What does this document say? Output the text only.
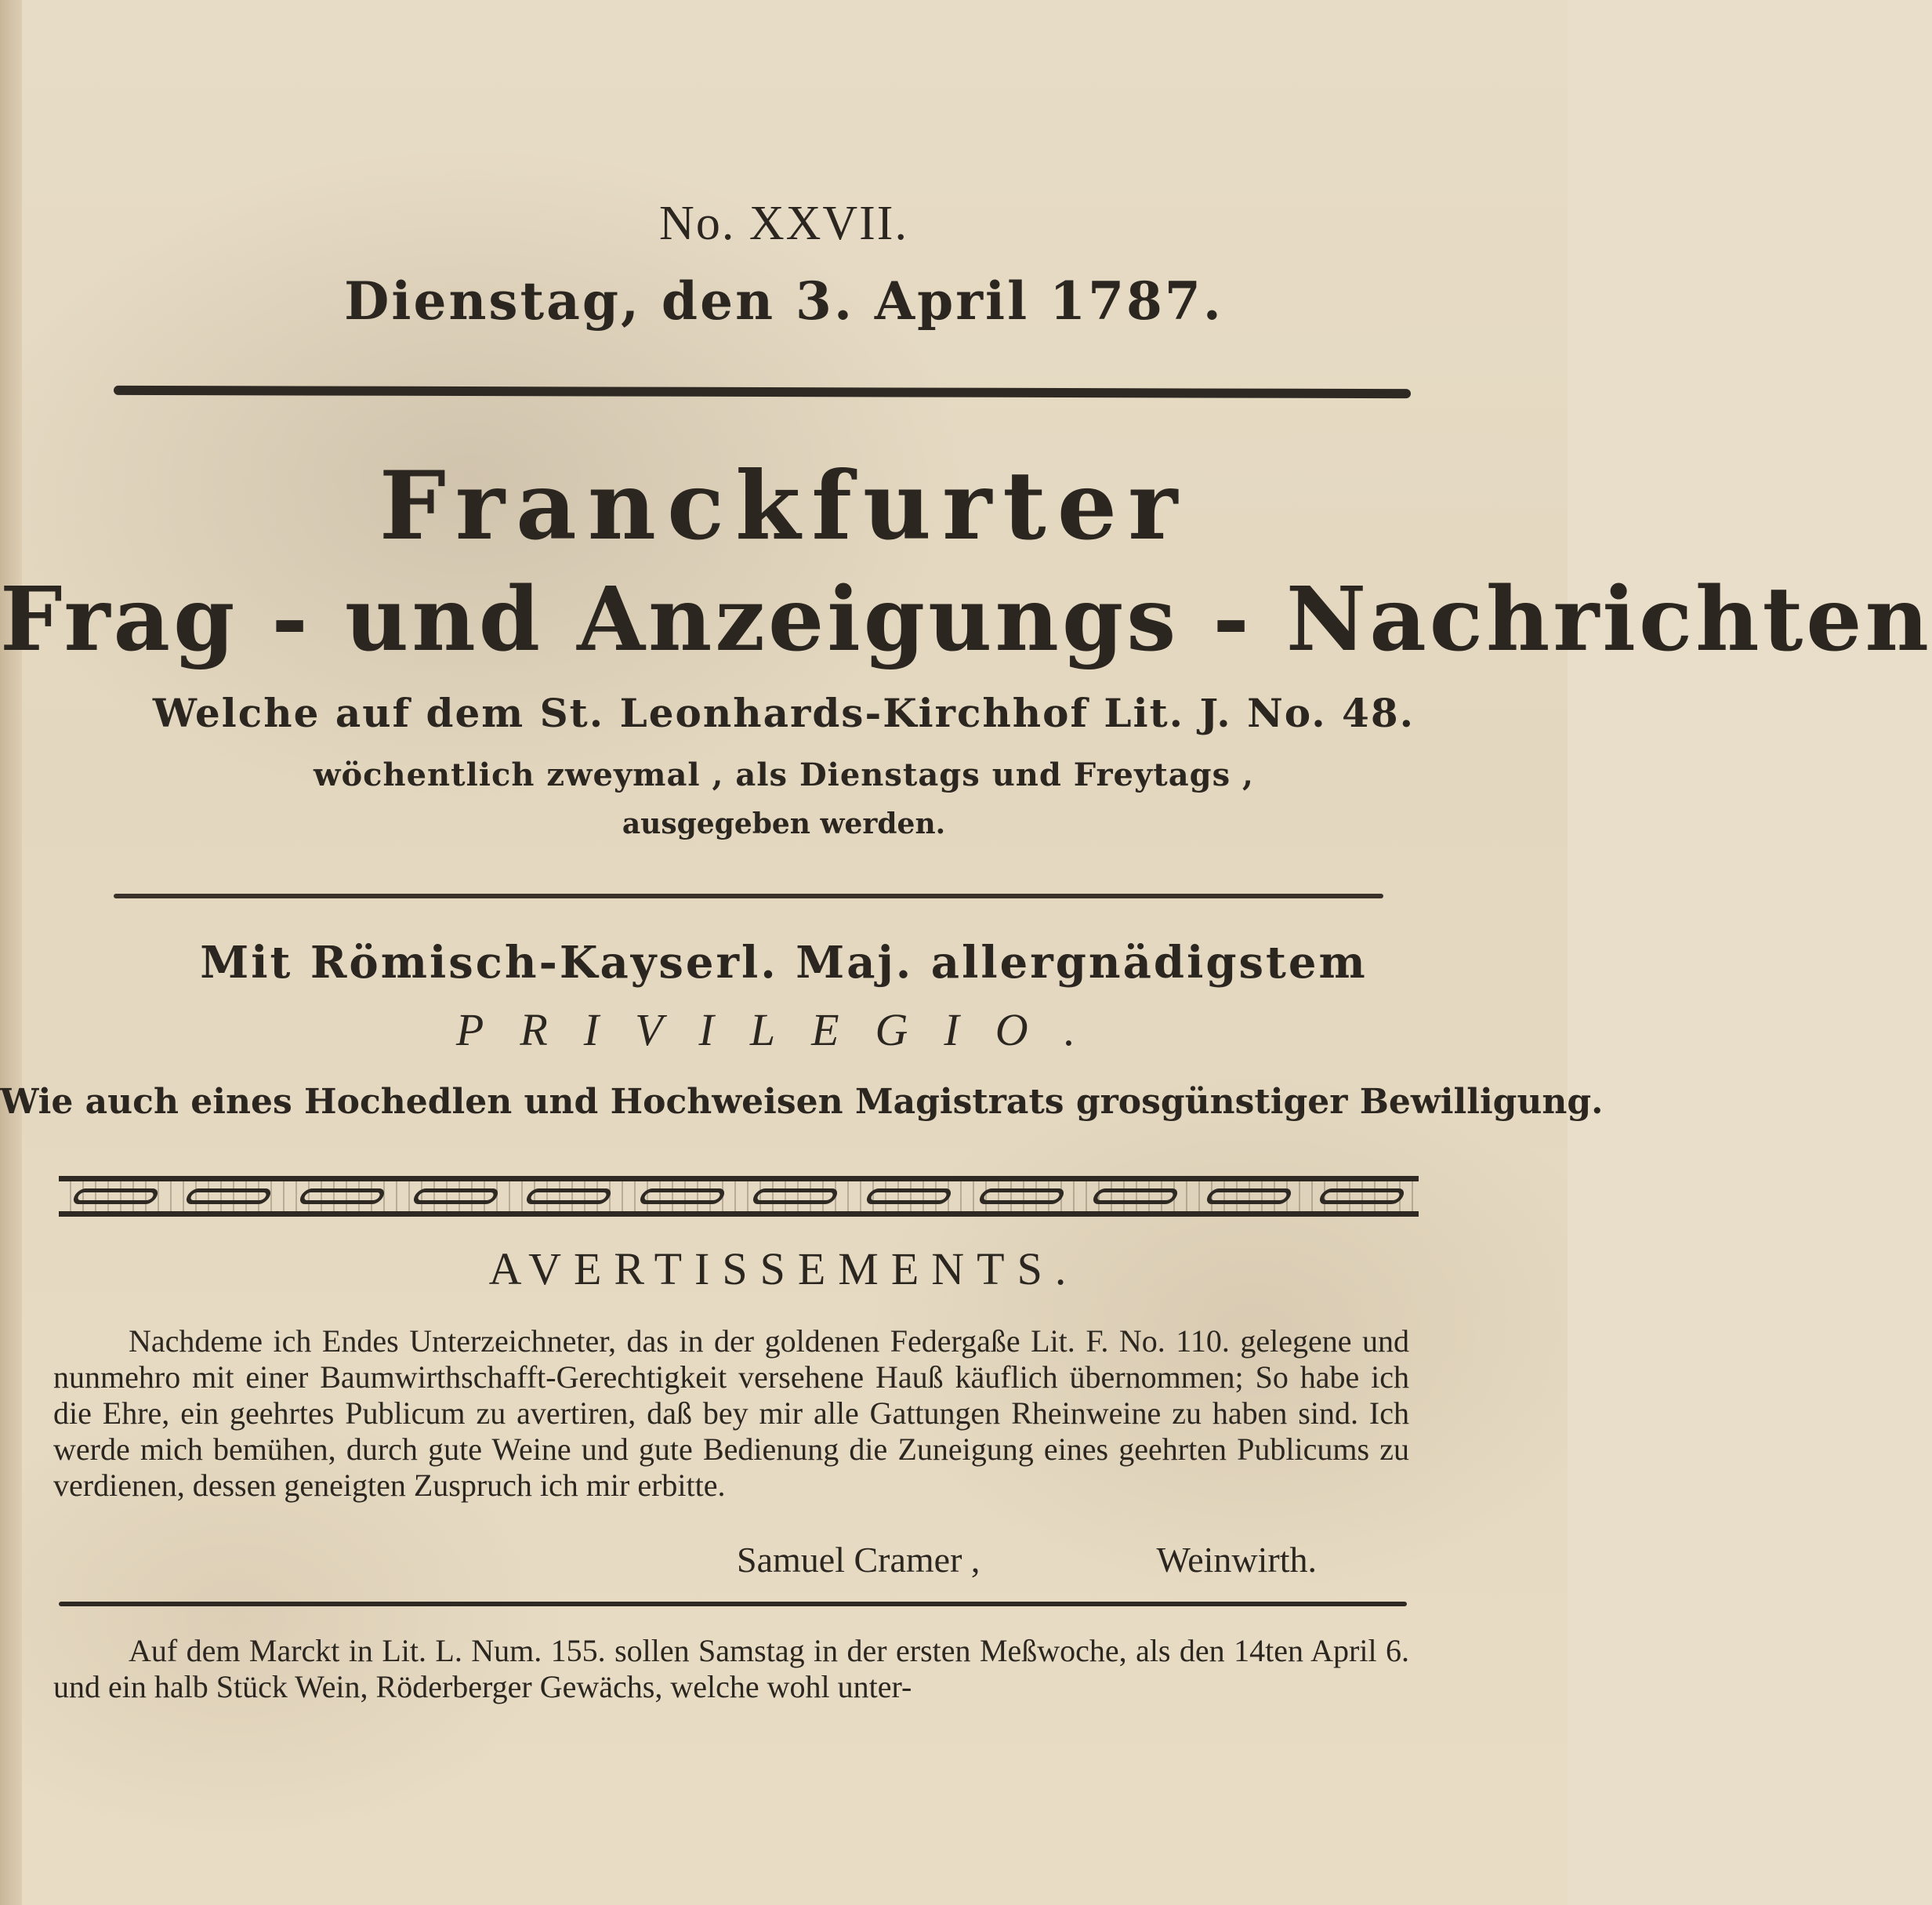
No. XXVII.
Dienstag, den 3. April 1787.
Franckfurter
Frag - und Anzeigungs - Nachrichten
Welche auf dem St. Leonhards-Kirchhof Lit. J. No. 48.
wöchentlich zweymal , als Dienstags und Freytags ,
ausgegeben werden.
Mit Römisch-Kayserl. Maj. allergnädigstem
PRIVILEGIO.
Wie auch eines Hochedlen und Hochweisen Magistrats grosgünstiger Bewilligung.
AVERTISSEMENTS.
Nachdeme ich Endes Unterzeichneter, das in der goldenen Federgaße Lit. F. No. 110. gelegene und nunmehro mit einer Baumwirthschafft-Gerechtigkeit versehene Hauß käuflich übernommen; So habe ich die Ehre, ein geehrtes Publicum zu avertiren, daß bey mir alle Gattungen Rheinweine zu haben sind. Ich werde mich bemühen, durch gute Weine und gute Bedienung die Zuneigung eines geehrten Publicums zu verdienen, dessen geneigten Zuspruch ich mir erbitte.
Samuel Cramer ,	Weinwirth.
Auf dem Marckt in Lit. L. Num. 155. sollen Samstag in der ersten Meßwoche, als den 14ten April 6. und ein halb Stück Wein, Röderberger Gewächs, welche wohl unter-
